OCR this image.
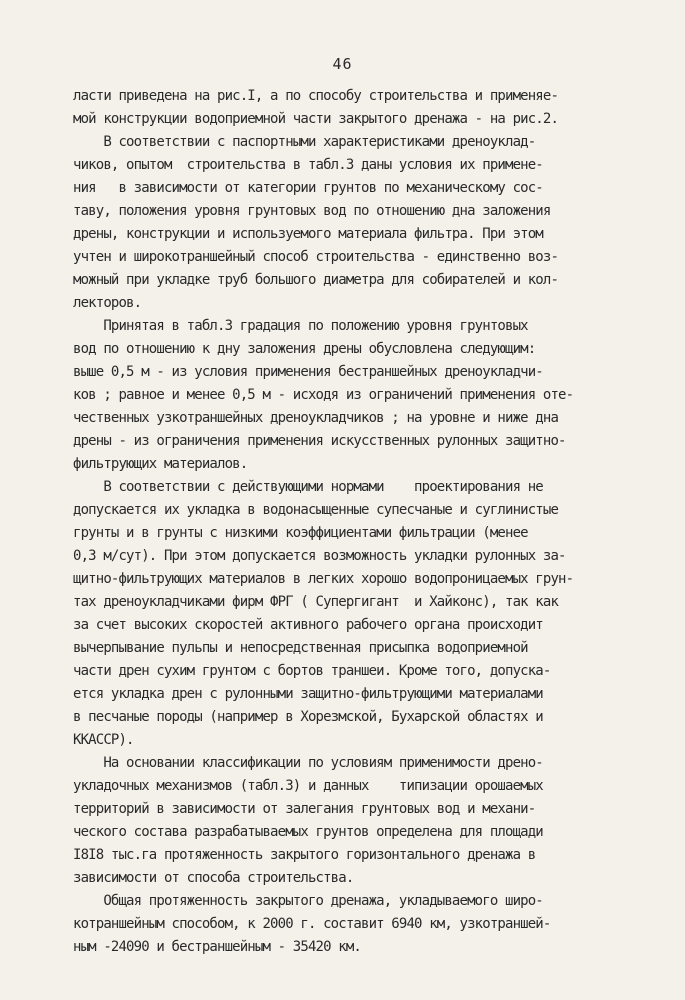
46
ласти приведена на рис.I, а по способу строительства и применяе-
мой конструкции водоприемной части закрытого дренажа - на рис.2.
В соответствии с паспортными характеристиками дреноуклад-
чиков, опытом  строительства в табл.3 даны условия их примене-
ния   в зависимости от категории грунтов по механическому сос-
таву, положения уровня грунтовых вод по отношению дна заложения
дрены, конструкции и используемого материала фильтра. При этом
учтен и широкотраншейный способ строительства - единственно воз-
можный при укладке труб большого диаметра для собирателей и кол-
лекторов.
Принятая в табл.3 градация по положению уровня грунтовых
вод по отношению к дну заложения дрены обусловлена следующим:
выше 0,5 м - из условия применения бестраншейных дреноукладчи-
ков ; равное и менее 0,5 м - исходя из ограничений применения оте-
чественных узкотраншейных дреноукладчиков ; на уровне и ниже дна
дрены - из ограничения применения искусственных рулонных защитно-
фильтрующих материалов.
В соответствии с действующими нормами    проектирования не
допускается их укладка в водонасыщенные супесчаные и суглинистые
грунты и в грунты с низкими коэффициентами фильтрации (менее
0,3 м/сут). При этом допускается возможность укладки рулонных за-
щитно-фильтрующих материалов в легких хорошо водопроницаемых грун-
тах дреноукладчиками фирм ФРГ ( Супергигант  и Хайконс), так как
за счет высоких скоростей активного рабочего органа происходит
вычерпывание пульпы и непосредственная присыпка водоприемной
части дрен сухим грунтом с бортов траншеи. Кроме того, допуска-
ется укладка дрен с рулонными защитно-фильтрующими материалами
в песчаные породы (например в Хорезмской, Бухарской областях и
ККАССР).
На основании классификации по условиям применимости дрено-
укладочных механизмов (табл.3) и данных    типизации орошаемых
территорий в зависимости от залегания грунтовых вод и механи-
ческого состава разрабатываемых грунтов определена для площади
I8I8 тыс.га протяженность закрытого горизонтального дренажа в
зависимости от способа строительства.
Общая протяженность закрытого дренажа, укладываемого широ-
котраншейным способом, к 2000 г. составит 6940 км, узкотраншей-
ным -24090 и бестраншейным - 35420 км.
